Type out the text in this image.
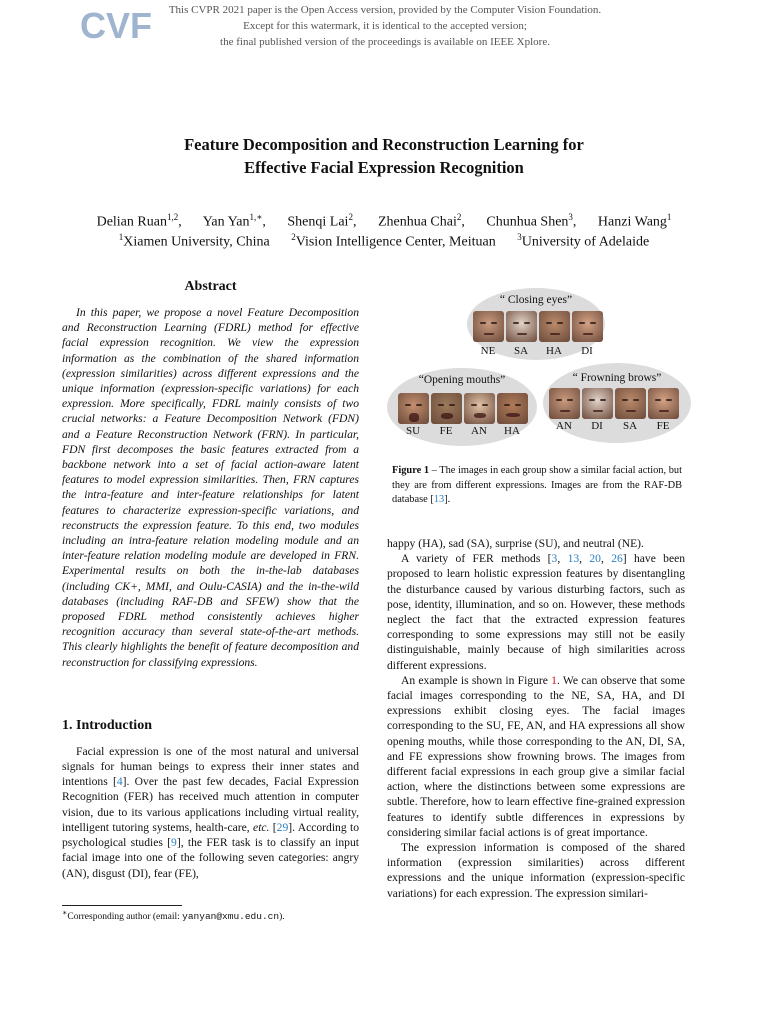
CVF	This CVPR 2021 paper is the Open Access version, provided by the Computer Vision Foundation.
Except for this watermark, it is identical to the accepted version;
the final published version of the proceedings is available on IEEE Xplore.
Feature Decomposition and Reconstruction Learning for
Effective Facial Expression Recognition
Delian Ruan$^{1,2}$, Yan Yan$^{1,∗}$, Shenqi Lai$^2$, Zhenhua Chai$^2$, Chunhua Shen$^3$, Hanzi Wang$^1$
$^1$Xiamen University, China $^2$Vision Intelligence Center, Meituan $^3$University of Adelaide
Abstract

In this paper, we propose a novel Feature Decomposition and Reconstruction Learning (FDRL) method for effective facial expression recognition. We view the expression information as the combination of the shared information (expression similarities) across different expressions and the unique information (expression-specific variations) for each expression. More specifically, FDRL mainly consists of two crucial networks: a Feature Decomposition Network (FDN) and a Feature Reconstruction Network (FRN). In particular, FDN first decomposes the basic features extracted from a backbone network into a set of facial action-aware latent features to model expression similarities. Then, FRN captures the intra-feature and inter-feature relationships for latent features to characterize expression-specific variations, and reconstructs the expression feature. To this end, two modules including an intra-feature relation modeling module and an inter-feature relation modeling module are developed in FRN. Experimental results on both the in-the-lab databases (including CK+, MMI, and Oulu-CASIA) and the in-the-wild databases (including RAF-DB and SFEW) show that the proposed FDRL method consistently achieves higher recognition accuracy than several state-of-the-art methods. This clearly highlights the benefit of feature decomposition and reconstruction for classifying expressions.

1. Introduction

Facial expression is one of the most natural and universal signals for human beings to express their inner states and intentions [4]. Over the past few decades, Facial Expression Recognition (FER) has received much attention in computer vision, due to its various applications including virtual reality, intelligent tutoring systems, health-care, etc. [29]. According to psychological studies [9], the FER task is to classify an input facial image into one of the following seven categories: angry (AN), disgust (DI), fear (FE),

∗Corresponding author (email: yanyan@xmu.edu.cn).
“ Closing eyes”
“Opening mouths”	“ Frowning brows”
NE	SA	HA	DI
SU	FE	AN	HA	AN	DI	SA	FE
Figure 1 – The images in each group show a similar facial action, but they are from different expressions. Images are from the RAF-DB database [13].

happy (HA), sad (SA), surprise (SU), and neutral (NE).

A variety of FER methods [3, 13, 20, 26] have been proposed to learn holistic expression features by disentangling the disturbance caused by various disturbing factors, such as pose, identity, illumination, and so on. However, these methods neglect the fact that the extracted expression features corresponding to some expressions may still not be easily distinguishable, mainly because of high similarities across different expressions.

An example is shown in Figure 1. We can observe that some facial images corresponding to the NE, SA, HA, and DI expressions exhibit closing eyes. The facial images corresponding to the SU, FE, AN, and HA expressions all show opening mouths, while those corresponding to the AN, DI, SA, and FE expressions show frowning brows. The images from different facial expressions in each group give a similar facial action, where the distinctions between some expressions are subtle. Therefore, how to learn effective fine-grained expression features to identify subtle differences in expressions by considering similar facial actions is of great importance.

The expression information is composed of the shared information (expression similarities) across different expressions and the unique information (expression-specific variations) for each expression. The expression similari-
